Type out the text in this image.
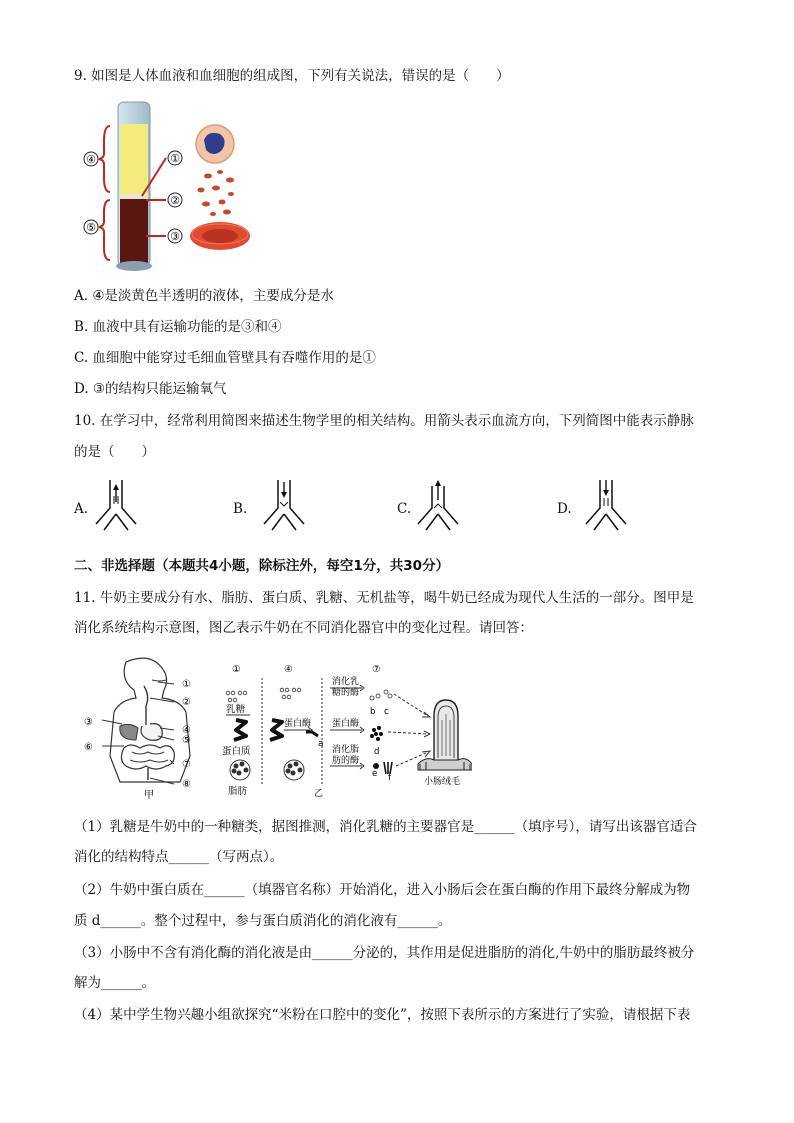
9. 如图是人体血液和血细胞的组成图，下列有关说法，错误的是（　　）
④
⑤
①
②
③
A. ④是淡黄色半透明的液体，主要成分是水
B. 血液中具有运输功能的是③和④
C. 血细胞中能穿过毛细血管壁具有吞噬作用的是①
D. ③的结构只能运输氧气
10. 在学习中，经常利用简图来描述生物学里的相关结构。用箭头表示血流方向，下列简图中能表示静脉
的是（　　）
A.	B.	C.	D.
二、非选择题（本题共4小题，除标注外，每空1分，共30分）
11. 牛奶主要成分有水、脂肪、蛋白质、乳糖、无机盐等，喝牛奶已经成为现代人生活的一部分。图甲是
消化系统结构示意图，图乙表示牛奶在不同消化器官中的变化过程。请回答：
①
②
③
④
⑤
⑥
⑦
⑧
甲
①	④	⑦
乳糖
蛋白质
脂肪
蛋白酶
a
消化乳
糖的酶
蛋白酶
消化脂
肪的酶
b c
d
e f	小肠绒毛
乙
（1）乳糖是牛奶中的一种糖类，据图推测，消化乳糖的主要器官是______（填序号），请写出该器官适合
消化的结构特点______（写两点）。
（2）牛奶中蛋白质在______（填器官名称）开始消化，进入小肠后会在蛋白酶的作用下最终分解成为物
质 d______。整个过程中，参与蛋白质消化的消化液有______。
（3）小肠中不含有消化酶的消化液是由______分泌的，其作用是促进脂肪的消化,牛奶中的脂肪最终被分
解为______。
（4）某中学生物兴趣小组欲探究“米粉在口腔中的变化”，按照下表所示的方案进行了实验，请根据下表
